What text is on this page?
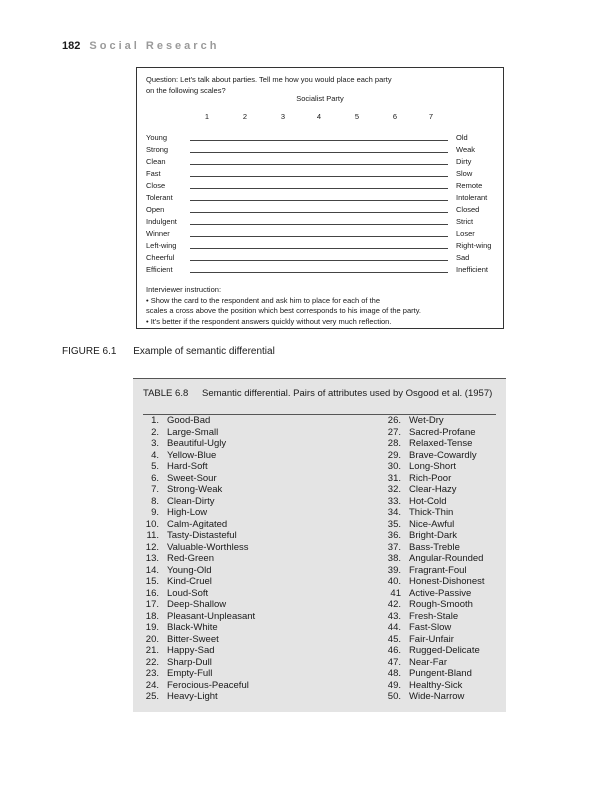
182 Social Research
Question: Let's talk about parties. Tell me how you would place each party
on the following scales?
Socialist Party
1	2	3	4	5	6	7
Young	Old
Strong	Weak
Clean	Dirty
Fast	Slow
Close	Remote
Tolerant	Intolerant
Open	Closed
Indulgent	Strict
Winner	Loser
Left-wing	Right-wing
Cheerful	Sad
Efficient	Inefficient
Interviewer instruction:
• Show the card to the respondent and ask him to place for each of the
scales a cross above the position which best corresponds to his image of the party.
• It's better if the respondent answers quickly without very much reflection.
FIGURE 6.1 Example of semantic differential
TABLE 6.8 Semantic differential. Pairs of attributes used by Osgood et al. (1957)
1. Good-Bad
2. Large-Small
3. Beautiful-Ugly
4. Yellow-Blue
5. Hard-Soft
6. Sweet-Sour
7. Strong-Weak
8. Clean-Dirty
9. High-Low
10. Calm-Agitated
11. Tasty-Distasteful
12. Valuable-Worthless
13. Red-Green
14. Young-Old
15. Kind-Cruel
16. Loud-Soft
17. Deep-Shallow
18. Pleasant-Unpleasant
19. Black-White
20. Bitter-Sweet
21. Happy-Sad
22. Sharp-Dull
23. Empty-Full
24. Ferocious-Peaceful
25. Heavy-Light
26. Wet-Dry
27. Sacred-Profane
28. Relaxed-Tense
29. Brave-Cowardly
30. Long-Short
31. Rich-Poor
32. Clear-Hazy
33. Hot-Cold
34. Thick-Thin
35. Nice-Awful
36. Bright-Dark
37. Bass-Treble
38. Angular-Rounded
39. Fragrant-Foul
40. Honest-Dishonest
41 Active-Passive
42. Rough-Smooth
43. Fresh-Stale
44. Fast-Slow
45. Fair-Unfair
46. Rugged-Delicate
47. Near-Far
48. Pungent-Bland
49. Healthy-Sick
50. Wide-Narrow
